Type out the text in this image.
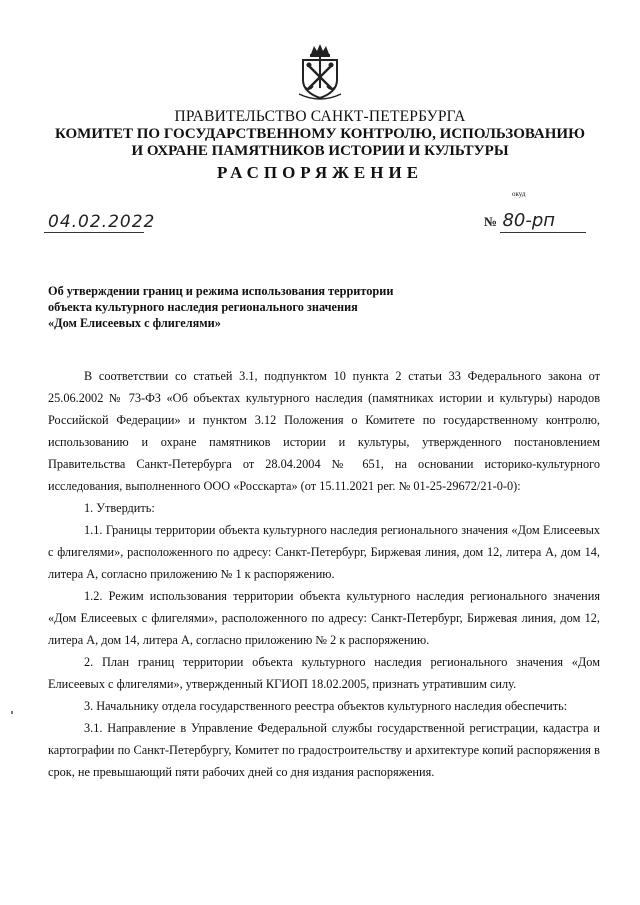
ПРАВИТЕЛЬСТВО САНКТ-ПЕТЕРБУРГА
КОМИТЕТ ПО ГОСУДАРСТВЕННОМУ КОНТРОЛЮ, ИСПОЛЬЗОВАНИЮ
И ОХРАНЕ ПАМЯТНИКОВ ИСТОРИИ И КУЛЬТУРЫ
РАСПОРЯЖЕНИЕ
окуд
04.02.2022	№ 80-рп
Об утверждении границ и режима использования территории
объекта культурного наследия регионального значения
«Дом Елисеевых с флигелями»

В соответствии со статьей 3.1, подпунктом 10 пункта 2 статьи 33 Федерального закона от 25.06.2002 № 73-ФЗ «Об объектах культурного наследия (памятниках истории и культуры) народов Российской Федерации» и пунктом 3.12 Положения о Комитете по государственному контролю, использованию и охране памятников истории и культуры, утвержденного постановлением Правительства Санкт-Петербурга от 28.04.2004 № 651, на основании историко-культурного исследования, выполненного ООО «Росскарта» (от 15.11.2021 рег. № 01-25-29672/21-0-0):

1. Утвердить:

1.1. Границы территории объекта культурного наследия регионального значения «Дом Елисеевых с флигелями», расположенного по адресу: Санкт-Петербург, Биржевая линия, дом 12, литера А, дом 14, литера А, согласно приложению № 1 к распоряжению.

1.2. Режим использования территории объекта культурного наследия регионального значения «Дом Елисеевых с флигелями», расположенного по адресу: Санкт-Петербург, Биржевая линия, дом 12, литера А, дом 14, литера А, согласно приложению № 2 к распоряжению.

2. План границ территории объекта культурного наследия регионального значения «Дом Елисеевых с флигелями», утвержденный КГИОП 18.02.2005, признать утратившим силу.

3. Начальнику отдела государственного реестра объектов культурного наследия обеспечить:

3.1. Направление в Управление Федеральной службы государственной регистрации, кадастра и картографии по Санкт-Петербургу, Комитет по градостроительству и архитектуре копий распоряжения в срок, не превышающий пяти рабочих дней со дня издания распоряжения.
